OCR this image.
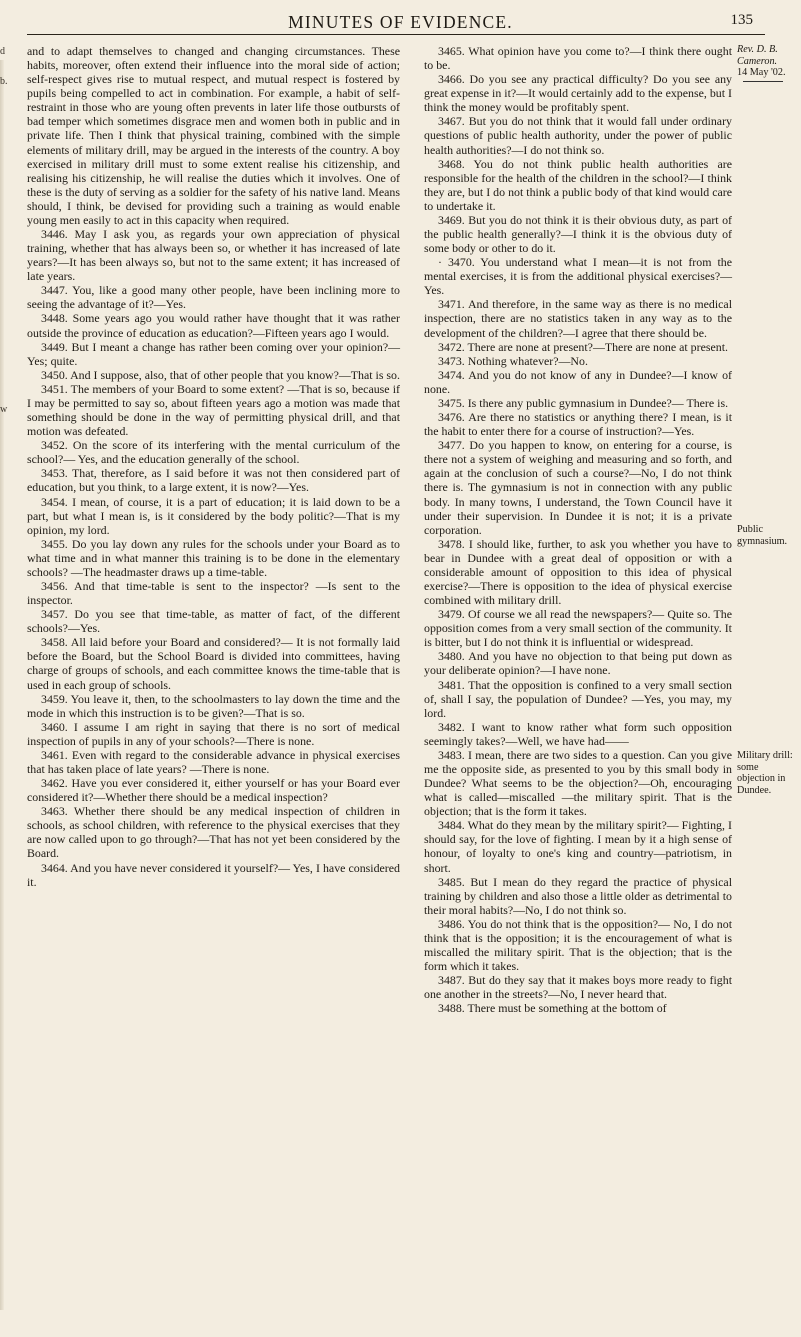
MINUTES OF EVIDENCE.	135
d
b.
w

and to adapt themselves to changed and changing circumstances. These habits, moreover, often extend their influence into the moral side of action; self-respect gives rise to mutual respect, and mutual respect is fostered by pupils being compelled to act in combination. For example, a habit of self-restraint in those who are young often prevents in later life those outbursts of bad temper which sometimes disgrace men and women both in public and in private life. Then I think that physical training, combined with the simple elements of military drill, may be argued in the interests of the country. A boy exercised in military drill must to some extent realise his citizenship, and realising his citizenship, he will realise the duties which it involves. One of these is the duty of serving as a soldier for the safety of his native land. Means should, I think, be devised for providing such a training as would enable young men easily to act in this capacity when required.

3446. May I ask you, as regards your own appreciation of physical training, whether that has always been so, or whether it has increased of late years?—It has been always so, but not to the same extent; it has increased of late years.

3447. You, like a good many other people, have been inclining more to seeing the advantage of it?—Yes.

3448. Some years ago you would rather have thought that it was rather outside the province of education as education?—Fifteen years ago I would.

3449. But I meant a change has rather been coming over your opinion?—Yes; quite.

3450. And I suppose, also, that of other people that you know?—That is so.

3451. The members of your Board to some extent? —That is so, because if I may be permitted to say so, about fifteen years ago a motion was made that something should be done in the way of permitting physical drill, and that motion was defeated.

3452. On the score of its interfering with the mental curriculum of the school?— Yes, and the education generally of the school.

3453. That, therefore, as I said before it was not then considered part of education, but you think, to a large extent, it is now?—Yes.

3454. I mean, of course, it is a part of education; it is laid down to be a part, but what I mean is, is it considered by the body politic?—That is my opinion, my lord.

3455. Do you lay down any rules for the schools under your Board as to what time and in what manner this training is to be done in the elementary schools? —The headmaster draws up a time-table.

3456. And that time-table is sent to the inspector? —Is sent to the inspector.

3457. Do you see that time-table, as matter of fact, of the different schools?—Yes.

3458. All laid before your Board and considered?— It is not formally laid before the Board, but the School Board is divided into committees, having charge of groups of schools, and each committee knows the time-table that is used in each group of schools.

3459. You leave it, then, to the schoolmasters to lay down the time and the mode in which this instruction is to be given?—That is so.

3460. I assume I am right in saying that there is no sort of medical inspection of pupils in any of your schools?—There is none.

3461. Even with regard to the considerable advance in physical exercises that has taken place of late years? —There is none.

3462. Have you ever considered it, either yourself or has your Board ever considered it?—Whether there should be a medical inspection?

3463. Whether there should be any medical inspection of children in schools, as school children, with reference to the physical exercises that they are now called upon to go through?—That has not yet been considered by the Board.

3464. And you have never considered it yourself?— Yes, I have considered it.

3465. What opinion have you come to?—I think there ought to be.

3466. Do you see any practical difficulty? Do you see any great expense in it?—It would certainly add to the expense, but I think the money would be profitably spent.

3467. But you do not think that it would fall under ordinary questions of public health authority, under the power of public health authorities?—I do not think so.

3468. You do not think public health authorities are responsible for the health of the children in the school?—I think they are, but I do not think a public body of that kind would care to undertake it.

3469. But you do not think it is their obvious duty, as part of the public health generally?—I think it is the obvious duty of some body or other to do it.

· 3470. You understand what I mean—it is not from the mental exercises, it is from the additional physical exercises?—Yes.

3471. And therefore, in the same way as there is no medical inspection, there are no statistics taken in any way as to the development of the children?—I agree that there should be.

3472. There are none at present?—There are none at present.

3473. Nothing whatever?—No.

3474. And you do not know of any in Dundee?—I know of none.

3475. Is there any public gymnasium in Dundee?— There is.

3476. Are there no statistics or anything there? I mean, is it the habit to enter there for a course of instruction?—Yes.

3477. Do you happen to know, on entering for a course, is there not a system of weighing and measuring and so forth, and again at the conclusion of such a course?—No, I do not think there is. The gymnasium is not in connection with any public body. In many towns, I understand, the Town Council have it under their supervision. In Dundee it is not; it is a private corporation.

3478. I should like, further, to ask you whether you have to bear in Dundee with a great deal of opposition or with a considerable amount of opposition to this idea of physical exercise?—There is opposition to the idea of physical exercise combined with military drill.

3479. Of course we all read the newspapers?— Quite so. The opposition comes from a very small section of the community. It is bitter, but I do not think it is influential or widespread.

3480. And you have no objection to that being put down as your deliberate opinion?—I have none.

3481. That the opposition is confined to a very small section of, shall I say, the population of Dundee? —Yes, you may, my lord.

3482. I want to know rather what form such opposition seemingly takes?—Well, we have had——

3483. I mean, there are two sides to a question. Can you give me the opposite side, as presented to you by this small body in Dundee? What seems to be the objection?—Oh, encouraging what is called—miscalled —the military spirit. That is the objection; that is the form it takes.

3484. What do they mean by the military spirit?— Fighting, I should say, for the love of fighting. I mean by it a high sense of honour, of loyalty to one's king and country—patriotism, in short.

3485. But I mean do they regard the practice of physical training by children and also those a little older as detrimental to their moral habits?—No, I do not think so.

3486. You do not think that is the opposition?— No, I do not think that is the opposition; it is the encouragement of what is miscalled the military spirit. That is the objection; that is the form which it takes.

3487. But do they say that it makes boys more ready to fight one another in the streets?—No, I never heard that.

3488. There must be something at the bottom of

Rev. D. B. Cameron.
14 May '02.
Public gymnasium.
Military drill: some objection in Dundee.
